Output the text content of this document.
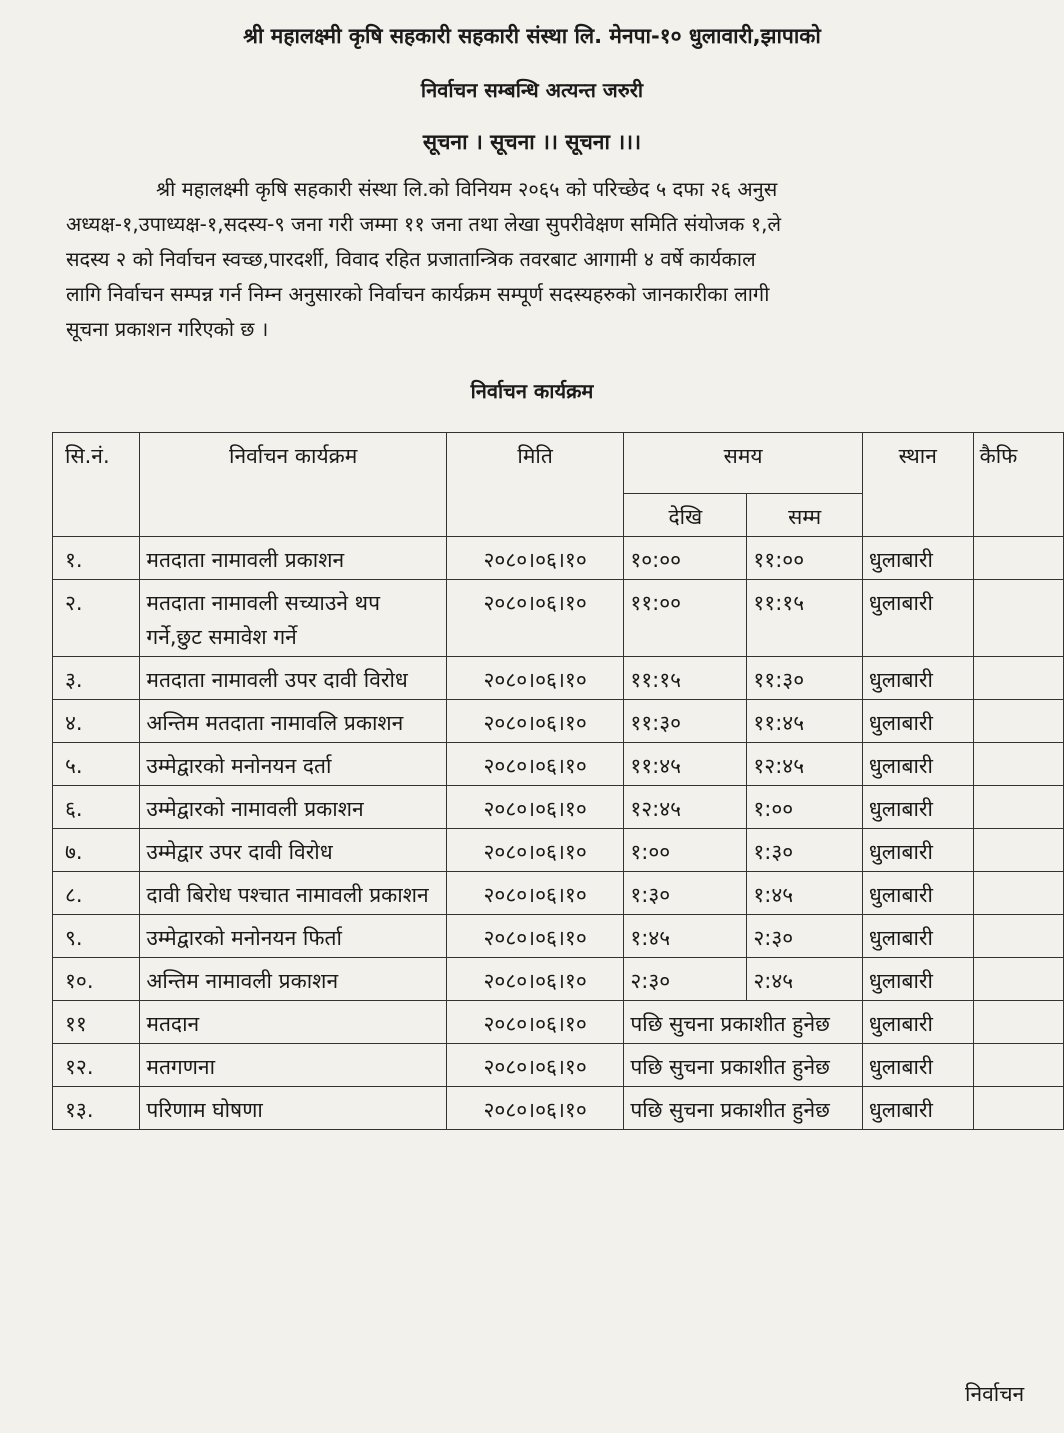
श्री महालक्ष्मी कृषि सहकारी सहकारी संस्था लि. मेनपा-१० धुलावारी,झापाको
निर्वाचन सम्बन्धि अत्यन्त जरुरी
सूचना । सूचना ।। सूचना ।।।
श्री महालक्ष्मी कृषि सहकारी संस्था लि.को विनियम २०६५ को परिच्छेद ५ दफा २६ अनुस
अध्यक्ष-१,उपाध्यक्ष-१,सदस्य-९ जना गरी जम्मा ११ जना तथा लेखा सुपरीवेक्षण समिति संयोजक १,ले
सदस्य २ को निर्वाचन स्वच्छ,पारदर्शी, विवाद रहित प्रजातान्त्रिक तवरबाट आगामी ४ वर्षे कार्यकाल
लागि निर्वाचन सम्पन्न गर्न निम्न अनुसारको निर्वाचन कार्यक्रम सम्पूर्ण सदस्यहरुको जानकारीका लागी
सूचना प्रकाशन गरिएको छ ।
निर्वाचन कार्यक्रम
सि.नं.	निर्वाचन कार्यक्रम	मिति	समय		स्थान	कैफि
			देखि	सम्म		
१.	मतदाता नामावली प्रकाशन	२०८०।०६।१०	१०:००	११:००	धुलाबारी	
२.	मतदाता नामावली सच्याउने थप गर्ने,छुट समावेश गर्ने	२०८०।०६।१०	११:००	११:१५	धुलाबारी	
३.	मतदाता नामावली उपर दावी विरोध	२०८०।०६।१०	११:१५	११:३०	धुलाबारी	
४.	अन्तिम मतदाता नामावलि प्रकाशन	२०८०।०६।१०	११:३०	११:४५	धुलाबारी	
५.	उम्मेद्वारको मनोनयन दर्ता	२०८०।०६।१०	११:४५	१२:४५	धुलाबारी	
६.	उम्मेद्वारको नामावली प्रकाशन	२०८०।०६।१०	१२:४५	१:००	धुलाबारी	
७.	उम्मेद्वार उपर दावी विरोध	२०८०।०६।१०	१:००	१:३०	धुलाबारी	
८.	दावी बिरोध पश्चात नामावली प्रकाशन	२०८०।०६।१०	१:३०	१:४५	धुलाबारी	
९.	उम्मेद्वारको मनोनयन फिर्ता	२०८०।०६।१०	१:४५	२:३०	धुलाबारी	
१०.	अन्तिम नामावली प्रकाशन	२०८०।०६।१०	२:३०	२:४५	धुलाबारी	
११	मतदान	२०८०।०६।१०	पछि सुचना प्रकाशीत हुनेछ		धुलाबारी	
१२.	मतगणना	२०८०।०६।१०	पछि सुचना प्रकाशीत हुनेछ		धुलाबारी	
१३.	परिणाम घोषणा	२०८०।०६।१०	पछि सुचना प्रकाशीत हुनेछ		धुलाबारी	
निर्वाचन
